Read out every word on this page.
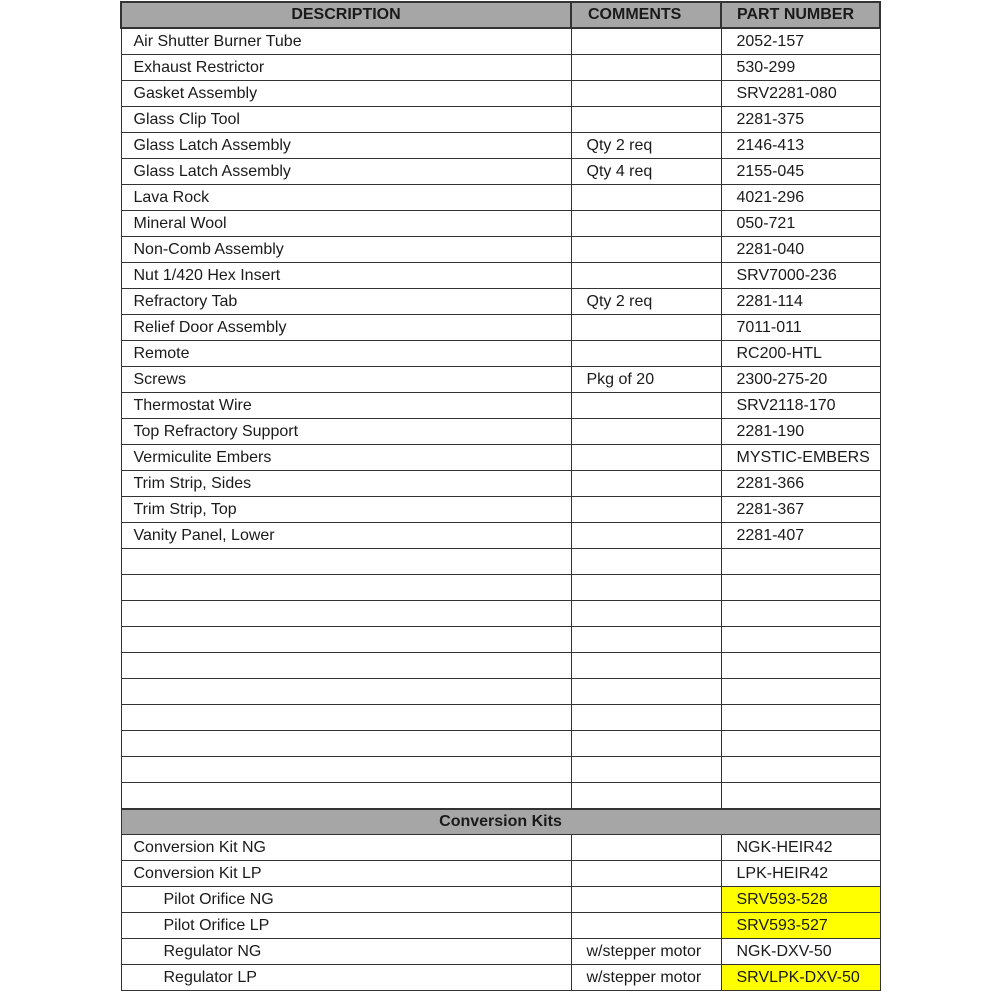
DESCRIPTION	COMMENTS	PART NUMBER
Air Shutter Burner Tube		2052-157
Exhaust Restrictor		530-299
Gasket Assembly		SRV2281-080
Glass Clip Tool		2281-375
Glass Latch Assembly	Qty 2 req	2146-413
Glass Latch Assembly	Qty 4 req	2155-045
Lava Rock		4021-296
Mineral Wool		050-721
Non-Comb Assembly		2281-040
Nut 1/420 Hex Insert		SRV7000-236
Refractory Tab	Qty 2 req	2281-114
Relief Door Assembly		7011-011
Remote		RC200-HTL
Screws	Pkg of 20	2300-275-20
Thermostat Wire		SRV2118-170
Top Refractory Support		2281-190
Vermiculite Embers		MYSTIC-EMBERS
Trim Strip, Sides		2281-366
Trim Strip, Top		2281-367
Vanity Panel, Lower		2281-407

Conversion Kits		
Conversion Kit NG		NGK-HEIR42
Conversion Kit LP		LPK-HEIR42
Pilot Orifice NG		SRV593-528
Pilot Orifice LP		SRV593-527
Regulator NG	w/stepper motor	NGK-DXV-50
Regulator LP	w/stepper motor	SRVLPK-DXV-50
